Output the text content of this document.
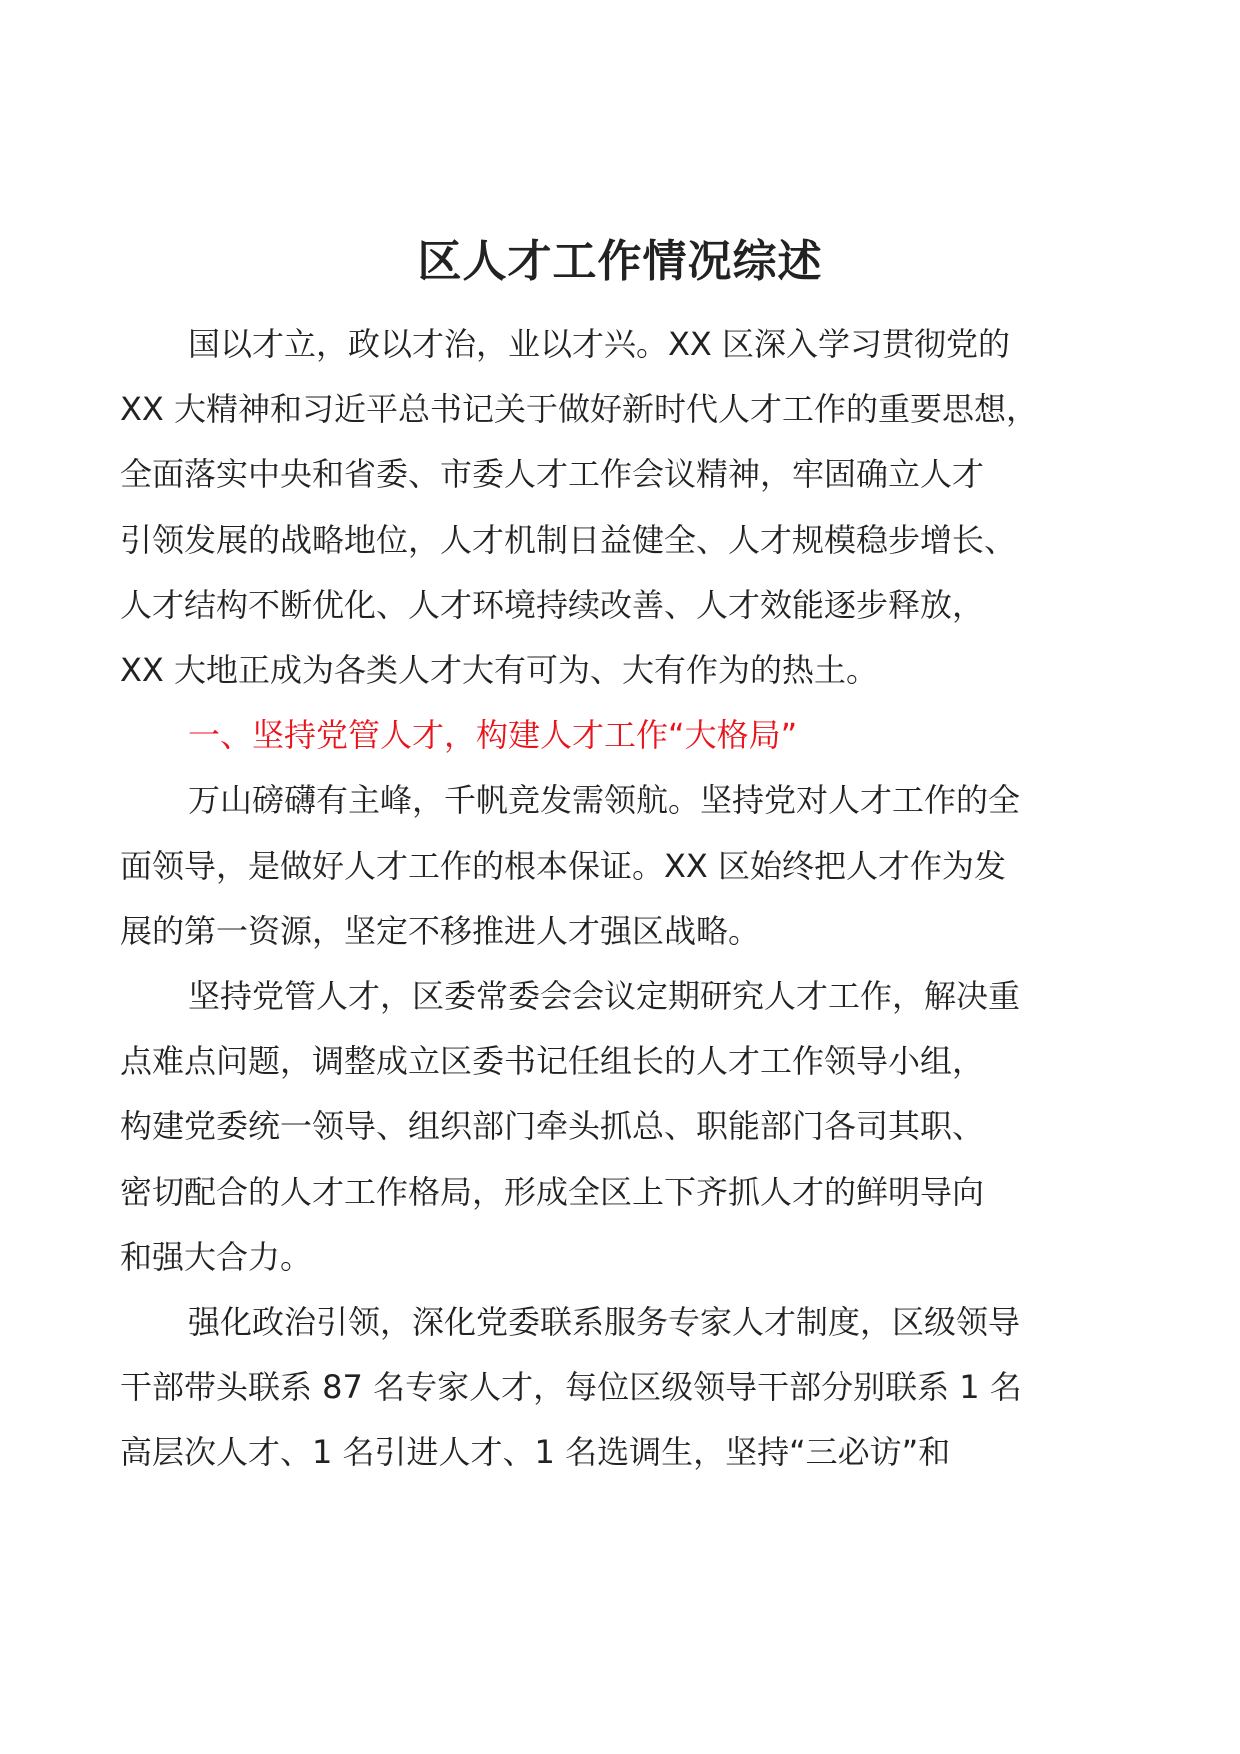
区人才工作情况综述

国以才立，政以才治，业以才兴。XX 区深入学习贯彻党的
XX 大精神和习近平总书记关于做好新时代人才工作的重要思想，
全面落实中央和省委、市委人才工作会议精神，牢固确立人才
引领发展的战略地位，人才机制日益健全、人才规模稳步增长、
人才结构不断优化、人才环境持续改善、人才效能逐步释放，
XX 大地正成为各类人才大有可为、大有作为的热土。

一、坚持党管人才，构建人才工作“大格局”

万山磅礴有主峰，千帆竞发需领航。坚持党对人才工作的全
面领导，是做好人才工作的根本保证。XX 区始终把人才作为发
展的第一资源，坚定不移推进人才强区战略。

坚持党管人才，区委常委会会议定期研究人才工作，解决重
点难点问题，调整成立区委书记任组长的人才工作领导小组，
构建党委统一领导、组织部门牵头抓总、职能部门各司其职、
密切配合的人才工作格局，形成全区上下齐抓人才的鲜明导向
和强大合力。

强化政治引领，深化党委联系服务专家人才制度，区级领导
干部带头联系 87 名专家人才，每位区级领导干部分别联系 1 名
高层次人才、1 名引进人才、1 名选调生，坚持“三必访”和
